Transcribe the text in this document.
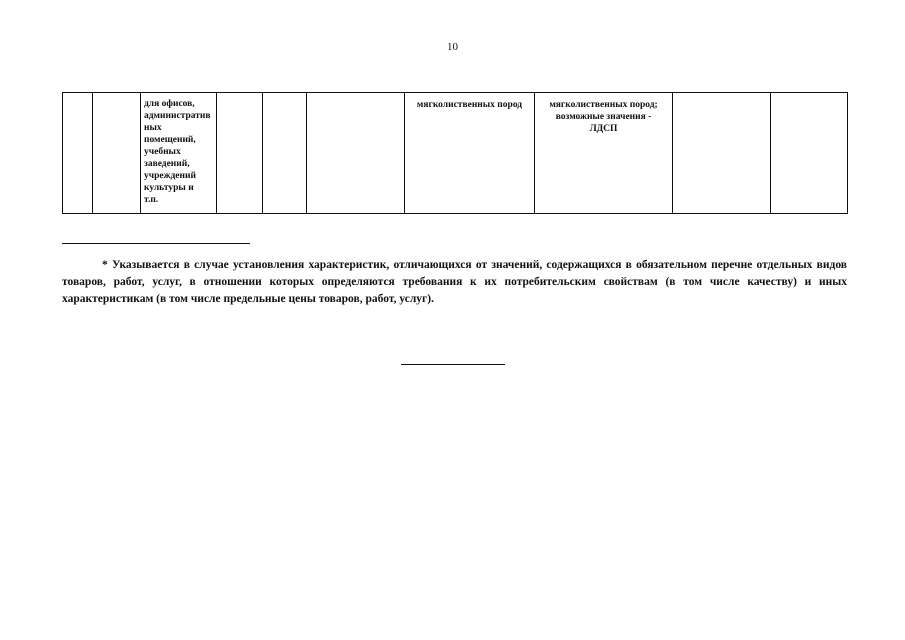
10
		для офисов,
административ
ных
помещений,
учебных
заведений,
учреждений
культуры и
т.п.				мягколиственных пород	мягколиственных пород;
возможные значения -
ЛДСП		
* Указывается в случае установления характеристик, отличающихся от значений, содержащихся в обязательном перечне отдельных видов товаров, работ, услуг, в отношении которых определяются требования к их потребительским свойствам (в том числе качеству) и иных характеристикам (в том числе предельные цены товаров, работ, услуг).
